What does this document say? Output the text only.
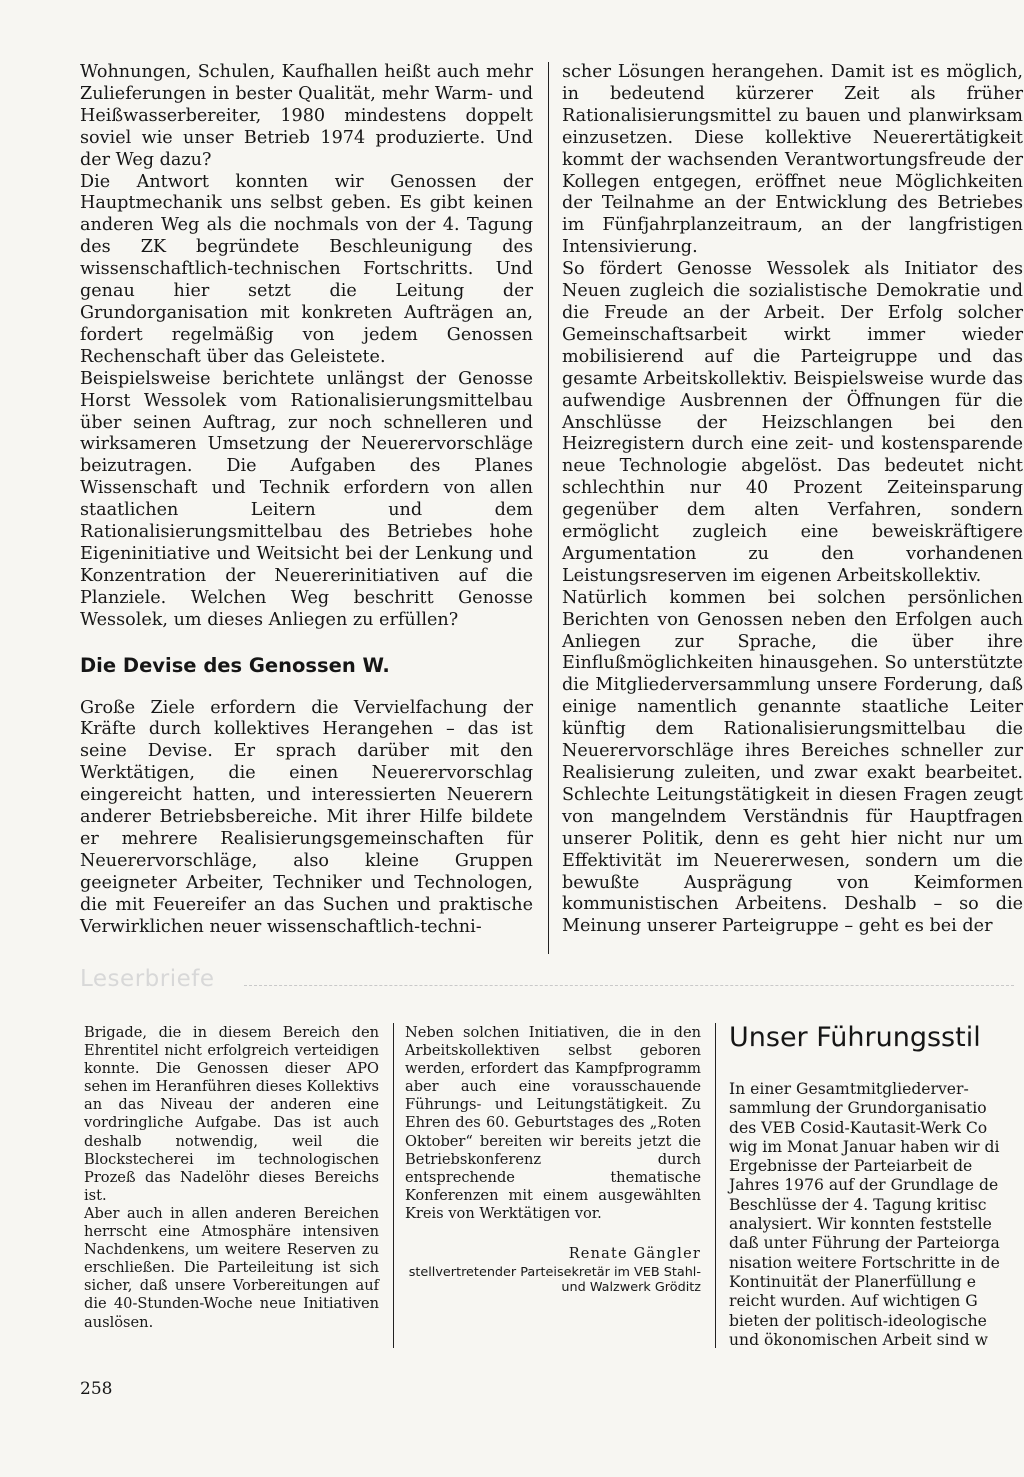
Wohnungen, Schulen, Kaufhallen heißt auch mehr Zulieferungen in bester Qualität, mehr Warm- und Heißwasserbereiter, 1980 mindestens doppelt soviel wie unser Betrieb 1974 produzierte. Und der Weg dazu?

Die Antwort konnten wir Genossen der Hauptmechanik uns selbst geben. Es gibt keinen anderen Weg als die nochmals von der 4. Tagung des ZK begründete Beschleunigung des wissenschaftlich-technischen Fortschritts. Und genau hier setzt die Leitung der Grundorganisation mit konkreten Aufträgen an, fordert regelmäßig von jedem Genossen Rechenschaft über das Geleistete.

Beispielsweise berichtete unlängst der Genosse Horst Wessolek vom Rationalisierungsmittelbau über seinen Auftrag, zur noch schnelleren und wirksameren Umsetzung der Neuerervorschläge beizutragen. Die Aufgaben des Planes Wissenschaft und Technik erfordern von allen staatlichen Leitern und dem Rationalisierungsmittelbau des Betriebes hohe Eigeninitiative und Weitsicht bei der Lenkung und Konzentration der Neuererinitiativen auf die Planziele. Welchen Weg beschritt Genosse Wessolek, um dieses Anliegen zu erfüllen?

Die Devise des Genossen W.

Große Ziele erfordern die Vervielfachung der Kräfte durch kollektives Herangehen – das ist seine Devise. Er sprach darüber mit den Werktätigen, die einen Neuerervorschlag eingereicht hatten, und interessierten Neuerern anderer Betriebsbereiche. Mit ihrer Hilfe bildete er mehrere Realisierungsgemeinschaften für Neuerervorschläge, also kleine Gruppen geeigneter Arbeiter, Techniker und Technologen, die mit Feuereifer an das Suchen und praktische Verwirklichen neuer wissenschaftlich-techni-

scher Lösungen herangehen. Damit ist es möglich, in bedeutend kürzerer Zeit als früher Rationalisierungsmittel zu bauen und planwirksam einzusetzen. Diese kollektive Neuerertätigkeit kommt der wachsenden Verantwortungsfreude der Kollegen entgegen, eröffnet neue Möglichkeiten der Teilnahme an der Entwicklung des Betriebes im Fünfjahrplanzeitraum, an der langfristigen Intensivierung.

So fördert Genosse Wessolek als Initiator des Neuen zugleich die sozialistische Demokratie und die Freude an der Arbeit. Der Erfolg solcher Gemeinschaftsarbeit wirkt immer wieder mobilisierend auf die Parteigruppe und das gesamte Arbeitskollektiv. Beispielsweise wurde das aufwendige Ausbrennen der Öffnungen für die Anschlüsse der Heizschlangen bei den Heizregistern durch eine zeit- und kostensparende neue Technologie abgelöst. Das bedeutet nicht schlechthin nur 40 Prozent Zeiteinsparung gegenüber dem alten Verfahren, sondern ermöglicht zugleich eine beweiskräftigere Argumentation zu den vorhandenen Leistungsreserven im eigenen Arbeitskollektiv.

Natürlich kommen bei solchen persönlichen Berichten von Genossen neben den Erfolgen auch Anliegen zur Sprache, die über ihre Einflußmöglichkeiten hinausgehen. So unterstützte die Mitgliederversammlung unsere Forderung, daß einige namentlich genannte staatliche Leiter künftig dem Rationalisierungsmittelbau die Neuerervorschläge ihres Bereiches schneller zur Realisierung zuleiten, und zwar exakt bearbeitet. Schlechte Leitungstätigkeit in diesen Fragen zeugt von mangelndem Verständnis für Hauptfragen unserer Politik, denn es geht hier nicht nur um Effektivität im Neuererwesen, sondern um die bewußte Ausprägung von Keimformen kommunistischen Arbeitens. Deshalb – so die Meinung unserer Parteigruppe – geht es bei der

Leserbriefe

Brigade, die in diesem Bereich den Ehrentitel nicht erfolgreich verteidigen konnte. Die Genossen dieser APO sehen im Heranführen dieses Kollektivs an das Niveau der anderen eine vordringliche Aufgabe. Das ist auch deshalb notwendig, weil die Blockstecherei im technologischen Prozeß das Nadelöhr dieses Bereichs ist.

Aber auch in allen anderen Bereichen herrscht eine Atmosphäre intensiven Nachdenkens, um weitere Reserven zu erschließen. Die Parteileitung ist sich sicher, daß unsere Vorbereitungen auf die 40-Stunden-Woche neue Initiativen auslösen.

Neben solchen Initiativen, die in den Arbeitskollektiven selbst geboren werden, erfordert das Kampfprogramm aber auch eine vorausschauende Führungs- und Leitungstätigkeit. Zu Ehren des 60. Geburtstages des „Roten Oktober“ bereiten wir bereits jetzt die Betriebskonferenz durch entsprechende thematische Konferenzen mit einem ausgewählten Kreis von Werktätigen vor.

Renate Gängler

stellvertretender Parteisekretär im VEB Stahl- und Walzwerk Gröditz

Unser Führungsstil
In einer Gesamtmitgliederver-
sammlung der Grundorganisatio
des VEB Cosid-Kautasit-Werk Co
wig im Monat Januar haben wir di
Ergebnisse der Parteiarbeit de
Jahres 1976 auf der Grundlage de
Beschlüsse der 4. Tagung kritisc
analysiert. Wir konnten feststelle
daß unter Führung der Parteiorga
nisation weitere Fortschritte in de
Kontinuität der Planerfüllung e
reicht wurden. Auf wichtigen G
bieten der politisch-ideologische
und ökonomischen Arbeit sind w
258
